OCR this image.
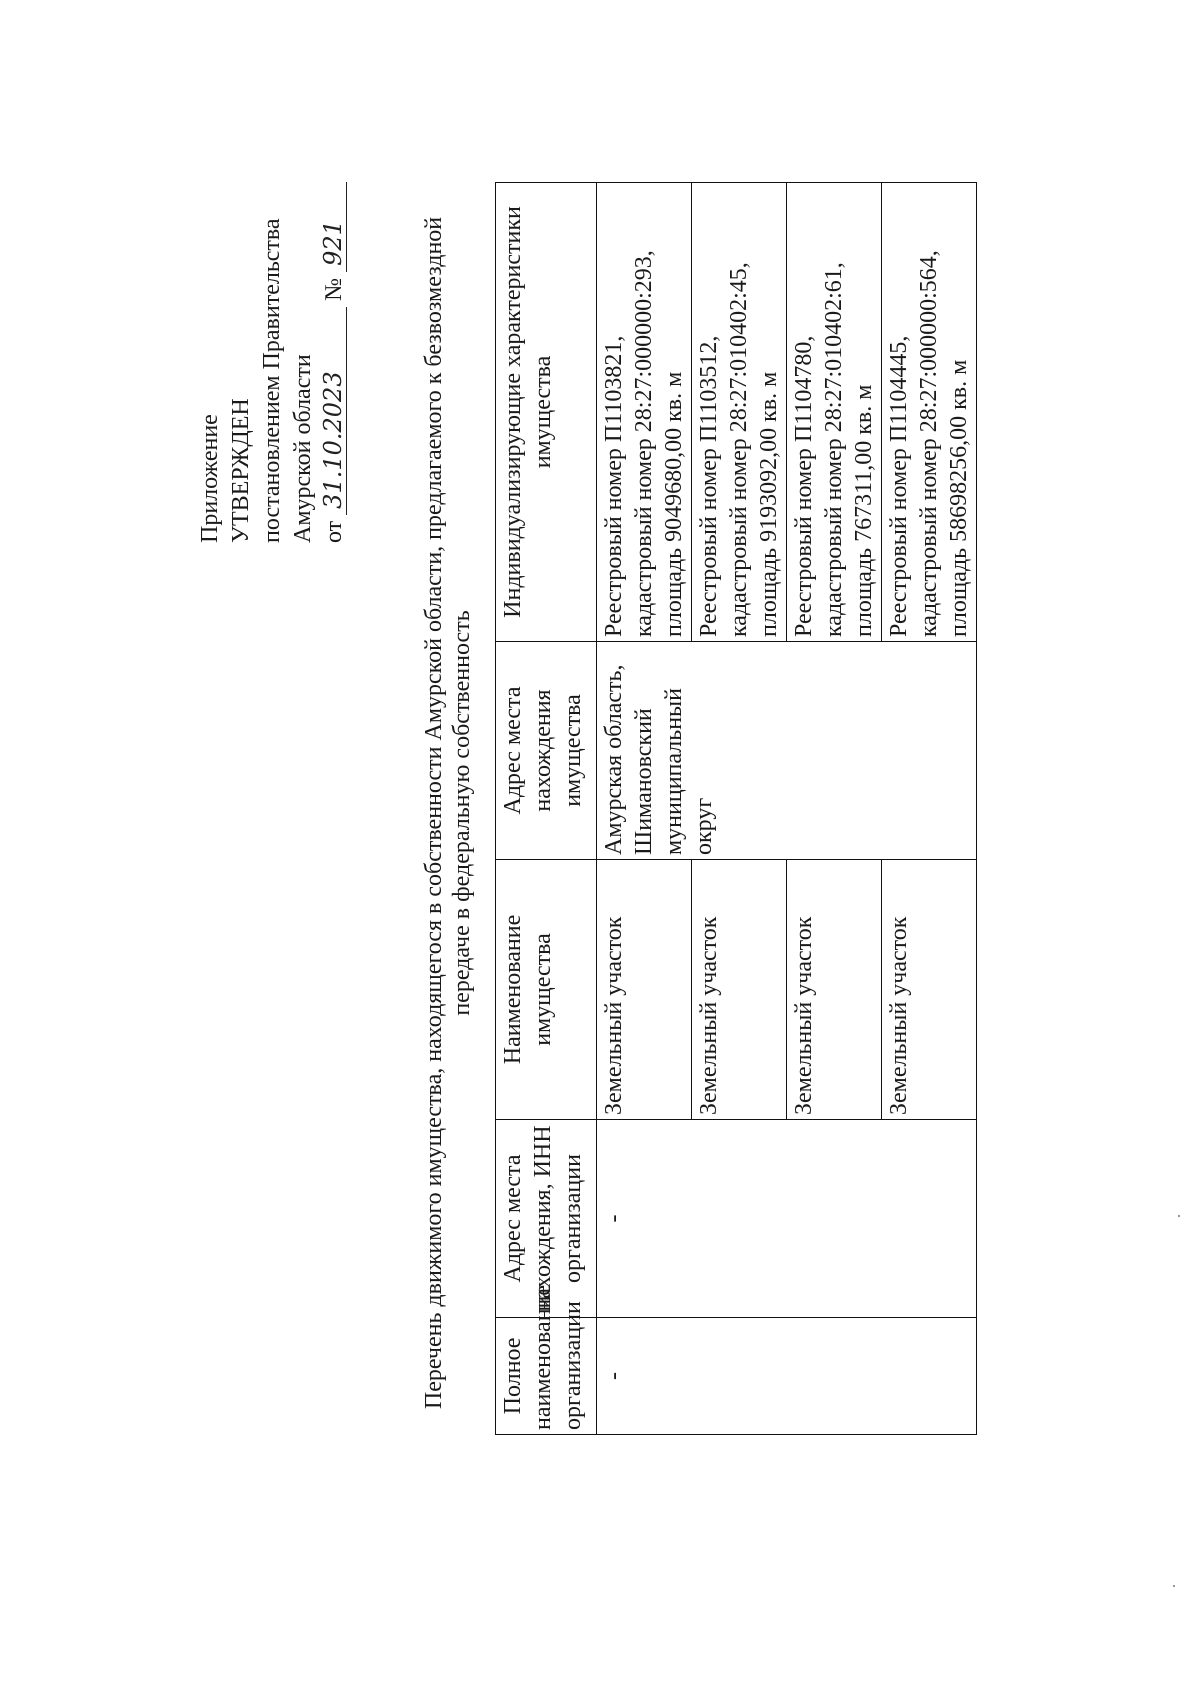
Приложение УТВЕРЖДЕН постановлением Правительства Амурской области от 31.10.2023 № 921	Перечень движимого имущества, находящегося в собственности Амурской области, предлагаемого к безвозмездной передаче в федеральную собственность
Полное наименование организации	Адрес места нахождения, ИНН организации	Наименование имущества	Адрес места нахождения имущества	Индивидуализирующие характеристики имущества
-	-	Земельный участок	Амурская область, Шимановский муниципальный округ	Реестровый номер П1103821, кадастровый номер 28:27:000000:293, площадь 9049680,00 кв. м

		Земельный участок		Реестровый номер П1103512, кадастровый номер 28:27:010402:45, площадь 9193092,00 кв. м

		Земельный участок		Реестровый номер П1104780, кадастровый номер 28:27:010402:61, площадь 767311,00 кв. м

		Земельный участок		Реестровый номер П1104445, кадастровый номер 28:27:000000:564, площадь 58698256,00 кв. м
